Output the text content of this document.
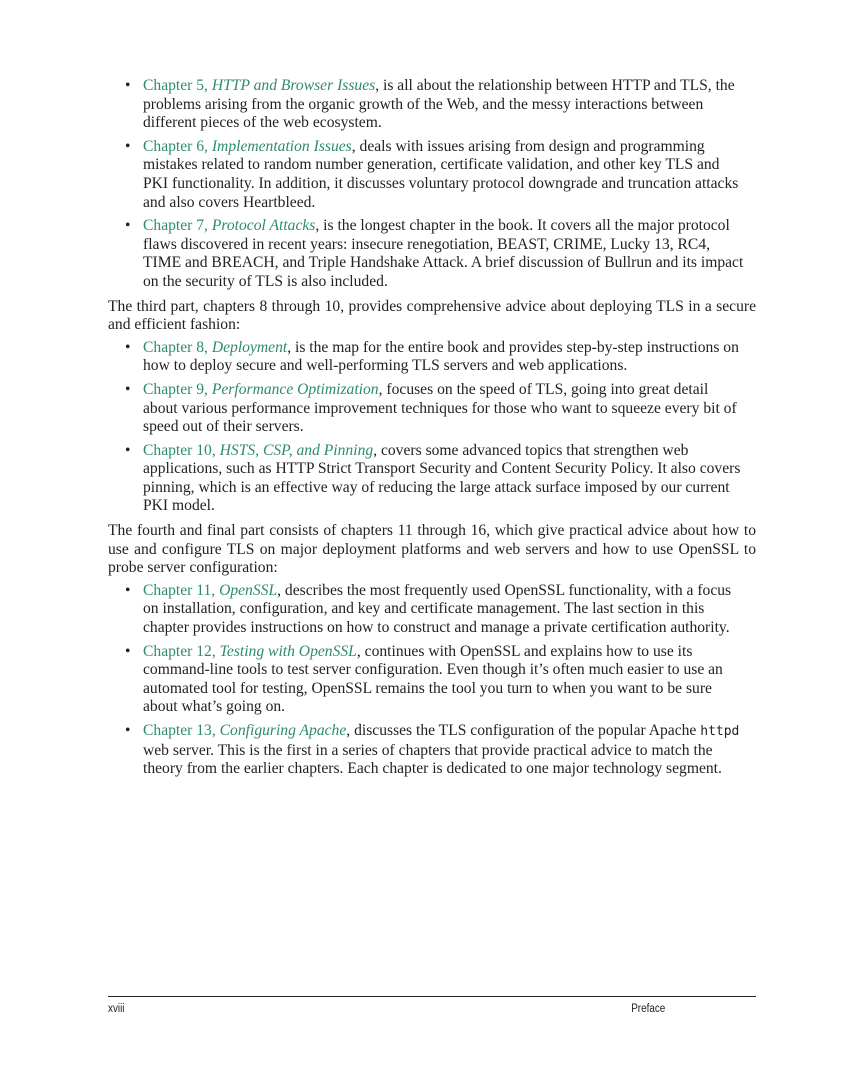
• Chapter 5, HTTP and Browser Issues, is all about the relationship between HTTP and TLS, the problems arising from the organic growth of the Web, and the messy interactions between different pieces of the web ecosystem.
• Chapter 6, Implementation Issues, deals with issues arising from design and programming mistakes related to random number generation, certificate validation, and other key TLS and PKI functionality. In addition, it discusses voluntary protocol downgrade and truncation attacks and also covers Heartbleed.
• Chapter 7, Protocol Attacks, is the longest chapter in the book. It covers all the major protocol flaws discovered in recent years: insecure renegotiation, BEAST, CRIME, Lucky 13, RC4, TIME and BREACH, and Triple Handshake Attack. A brief discussion of Bullrun and its impact on the security of TLS is also included.

The third part, chapters 8 through 10, provides comprehensive advice about deploying TLS in a secure and efficient fashion:

• Chapter 8, Deployment, is the map for the entire book and provides step-by-step instructions on how to deploy secure and well-performing TLS servers and web applications.
• Chapter 9, Performance Optimization, focuses on the speed of TLS, going into great detail about various performance improvement techniques for those who want to squeeze every bit of speed out of their servers.
• Chapter 10, HSTS, CSP, and Pinning, covers some advanced topics that strengthen web applications, such as HTTP Strict Transport Security and Content Security Policy. It also covers pinning, which is an effective way of reducing the large attack surface imposed by our current PKI model.

The fourth and final part consists of chapters 11 through 16, which give practical advice about how to use and configure TLS on major deployment platforms and web servers and how to use OpenSSL to probe server configuration:

• Chapter 11, OpenSSL, describes the most frequently used OpenSSL functionality, with a focus on installation, configuration, and key and certificate management. The last section in this chapter provides instructions on how to construct and manage a private certification authority.
• Chapter 12, Testing with OpenSSL, continues with OpenSSL and explains how to use its command-line tools to test server configuration. Even though it’s often much easier to use an automated tool for testing, OpenSSL remains the tool you turn to when you want to be sure about what’s going on.
• Chapter 13, Configuring Apache, discusses the TLS configuration of the popular Apache httpd web server. This is the first in a series of chapters that provide practical advice to match the theory from the earlier chapters. Each chapter is dedicated to one major technology segment.
xviii	Preface
